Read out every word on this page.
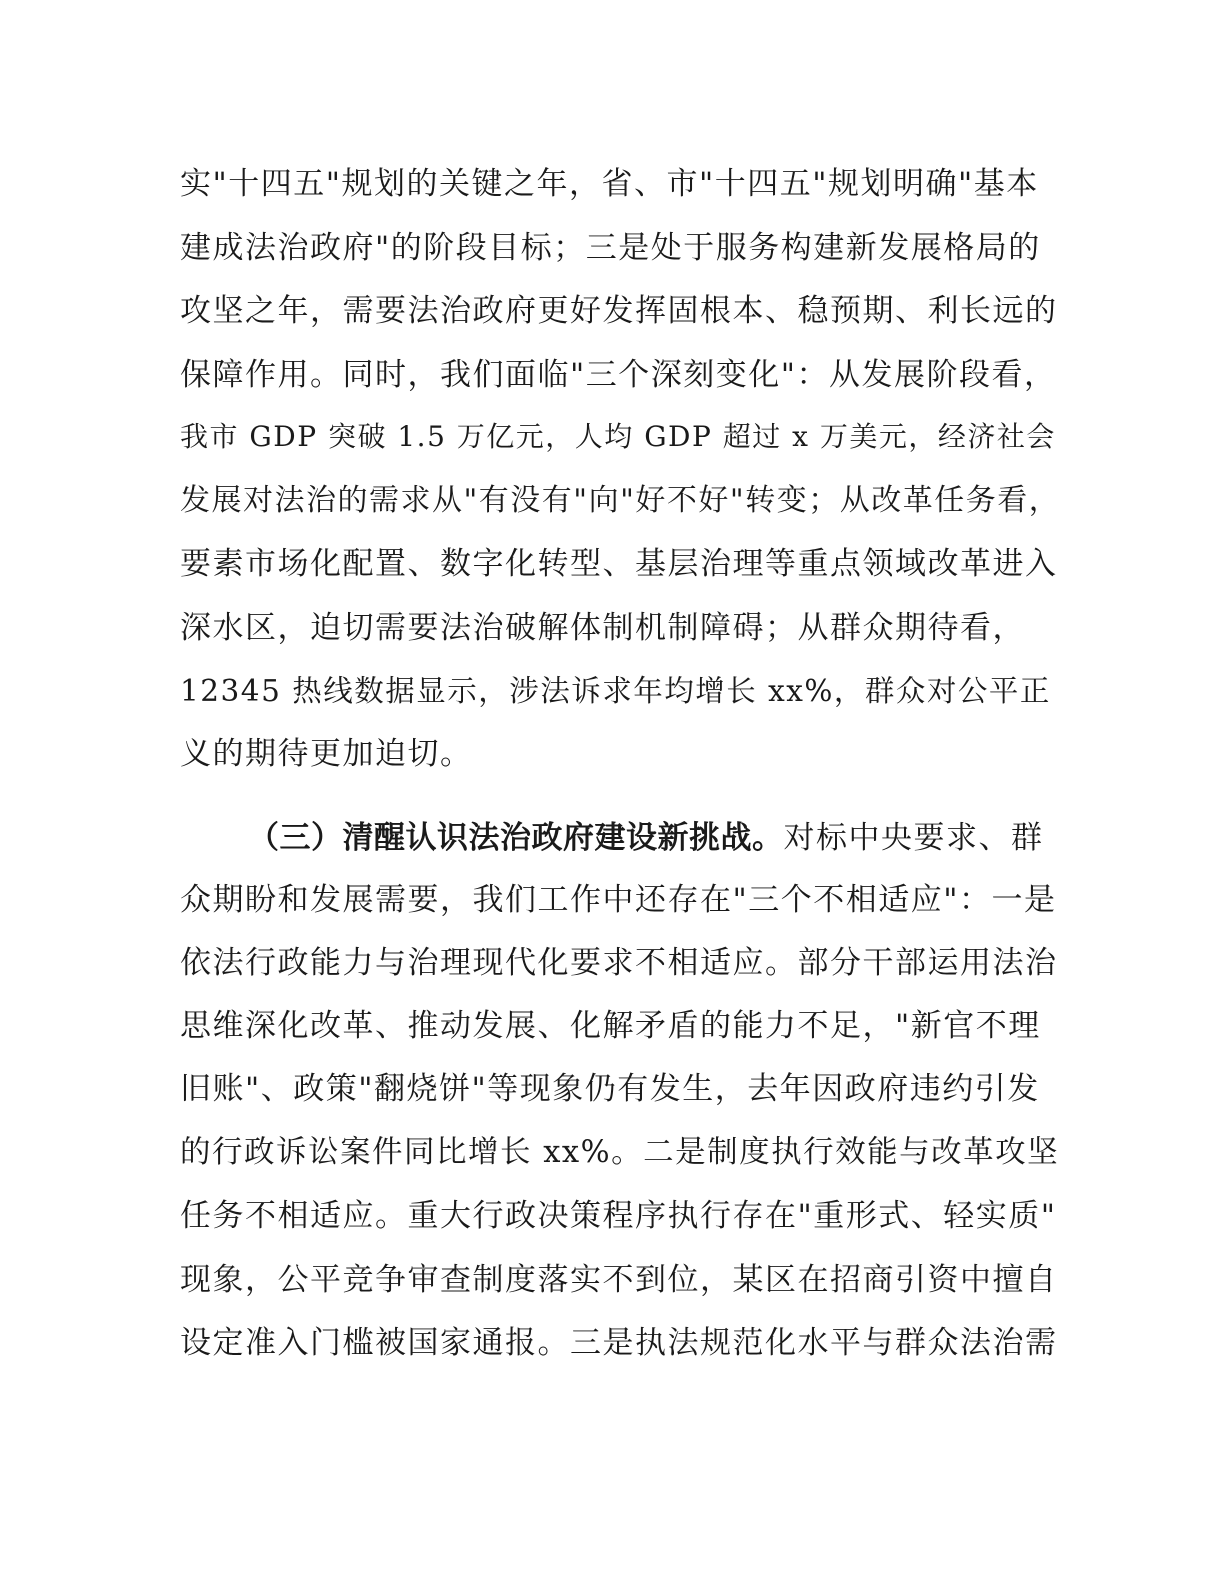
实"十四五"规划的关键之年，省、市"十四五"规划明确"基本
建成法治政府"的阶段目标；三是处于服务构建新发展格局的
攻坚之年，需要法治政府更好发挥固根本、稳预期、利长远的
保障作用。同时，我们面临"三个深刻变化"：从发展阶段看，
我市 GDP 突破 1.5 万亿元，人均 GDP 超过 x 万美元，经济社会
发展对法治的需求从"有没有"向"好不好"转变；从改革任务看，
要素市场化配置、数字化转型、基层治理等重点领域改革进入
深水区，迫切需要法治破解体制机制障碍；从群众期待看，
12345 热线数据显示，涉法诉求年均增长 xx%，群众对公平正
义的期待更加迫切。
（三）清醒认识法治政府建设新挑战。对标中央要求、群
众期盼和发展需要，我们工作中还存在"三个不相适应"：一是
依法行政能力与治理现代化要求不相适应。部分干部运用法治
思维深化改革、推动发展、化解矛盾的能力不足，"新官不理
旧账"、政策"翻烧饼"等现象仍有发生，去年因政府违约引发
的行政诉讼案件同比增长 xx%。二是制度执行效能与改革攻坚
任务不相适应。重大行政决策程序执行存在"重形式、轻实质"
现象，公平竞争审查制度落实不到位，某区在招商引资中擅自
设定准入门槛被国家通报。三是执法规范化水平与群众法治需
